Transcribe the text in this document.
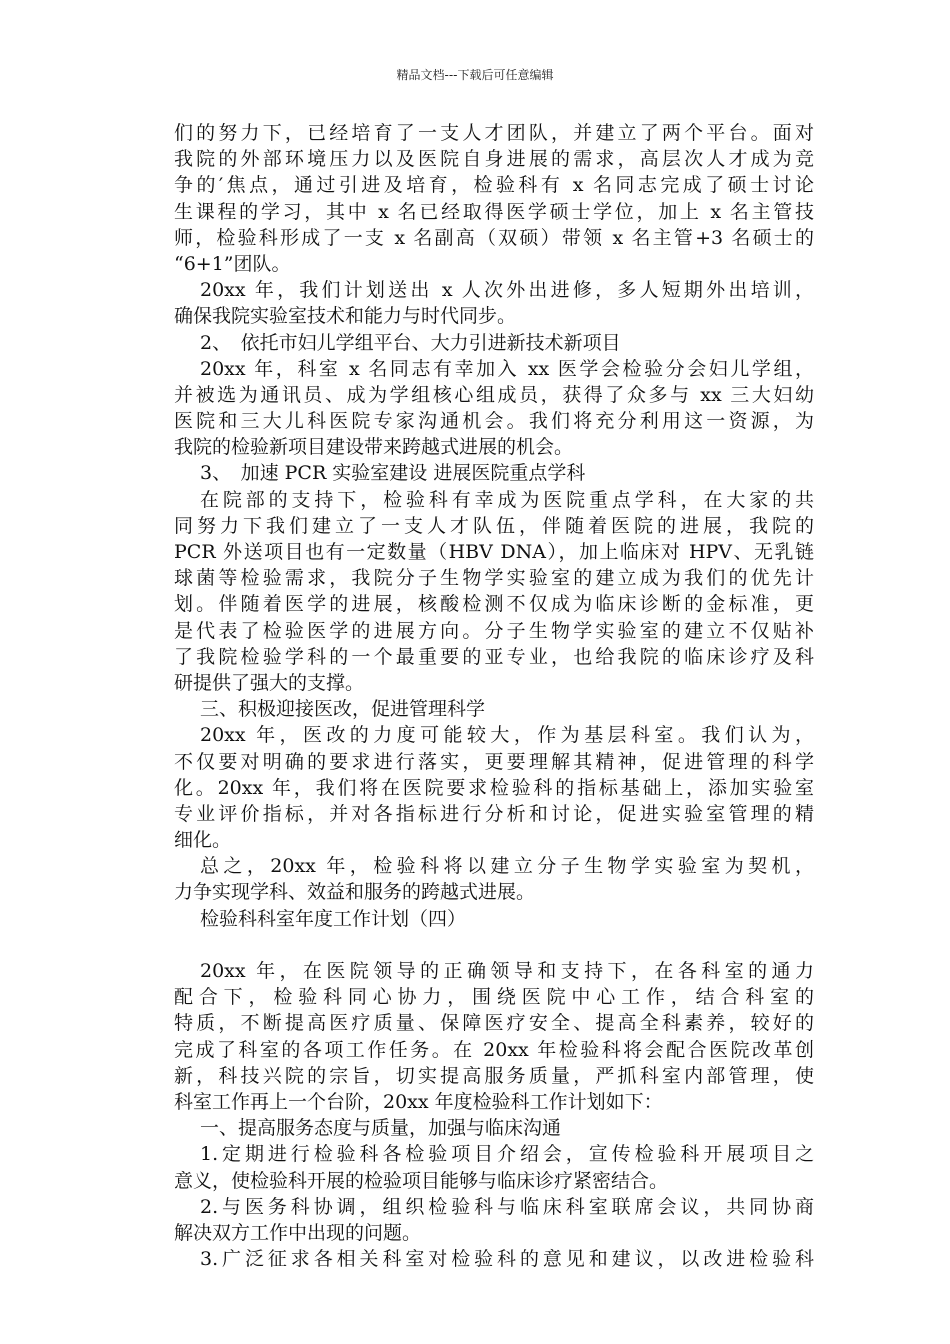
精品文档---下载后可任意编辑
们的努力下，已经培育了一支人才团队，并建立了两个平台。面对
我院的外部环境压力以及医院自身进展的需求，高层次人才成为竞
争的′焦点，通过引进及培育，检验科有 x 名同志完成了硕士讨论
生课程的学习，其中 x 名已经取得医学硕士学位，加上 x 名主管技
师，检验科形成了一支 x 名副高（双硕）带领 x 名主管+3 名硕士的
“6+1”团队。
20xx 年，我们计划送出 x 人次外出进修，多人短期外出培训，
确保我院实验室技术和能力与时代同步。
2、　依托市妇儿学组平台、大力引进新技术新项目
20xx 年，科室 x 名同志有幸加入 xx 医学会检验分会妇儿学组，
并被选为通讯员、成为学组核心组成员，获得了众多与 xx 三大妇幼
医院和三大儿科医院专家沟通机会。我们将充分利用这一资源，为
我院的检验新项目建设带来跨越式进展的机会。
3、　加速 PCR 实验室建设 进展医院重点学科
在院部的支持下，检验科有幸成为医院重点学科，在大家的共
同努力下我们建立了一支人才队伍，伴随着医院的进展，我院的
PCR 外送项目也有一定数量（HBV DNA），加上临床对 HPV、无乳链
球菌等检验需求，我院分子生物学实验室的建立成为我们的优先计
划。伴随着医学的进展，核酸检测不仅成为临床诊断的金标准，更
是代表了检验医学的进展方向。分子生物学实验室的建立不仅贴补
了我院检验学科的一个最重要的亚专业，也给我院的临床诊疗及科
研提供了强大的支撑。
三、积极迎接医改，促进管理科学
20xx 年，医改的力度可能较大，作为基层科室。我们认为，
不仅要对明确的要求进行落实，更要理解其精神，促进管理的科学
化。20xx 年，我们将在医院要求检验科的指标基础上，添加实验室
专业评价指标，并对各指标进行分析和讨论，促进实验室管理的精
细化。
总之，20xx 年，检验科将以建立分子生物学实验室为契机，
力争实现学科、效益和服务的跨越式进展。
检验科科室年度工作计划（四）
20xx 年，在医院领导的正确领导和支持下，在各科室的通力
配合下，检验科同心协力，围绕医院中心工作，结合科室的
特质，不断提高医疗质量、保障医疗安全、提高全科素养，较好的
完成了科室的各项工作任务。在 20xx 年检验科将会配合医院改革创
新，科技兴院的宗旨，切实提高服务质量，严抓科室内部管理，使
科室工作再上一个台阶，20xx 年度检验科工作计划如下：
一、提高服务态度与质量，加强与临床沟通
1.定期进行检验科各检验项目介绍会，宣传检验科开展项目之
意义，使检验科开展的检验项目能够与临床诊疗紧密结合。
2.与医务科协调，组织检验科与临床科室联席会议，共同协商
解决双方工作中出现的问题。
3.广泛征求各相关科室对检验科的意见和建议，以改进检验科
